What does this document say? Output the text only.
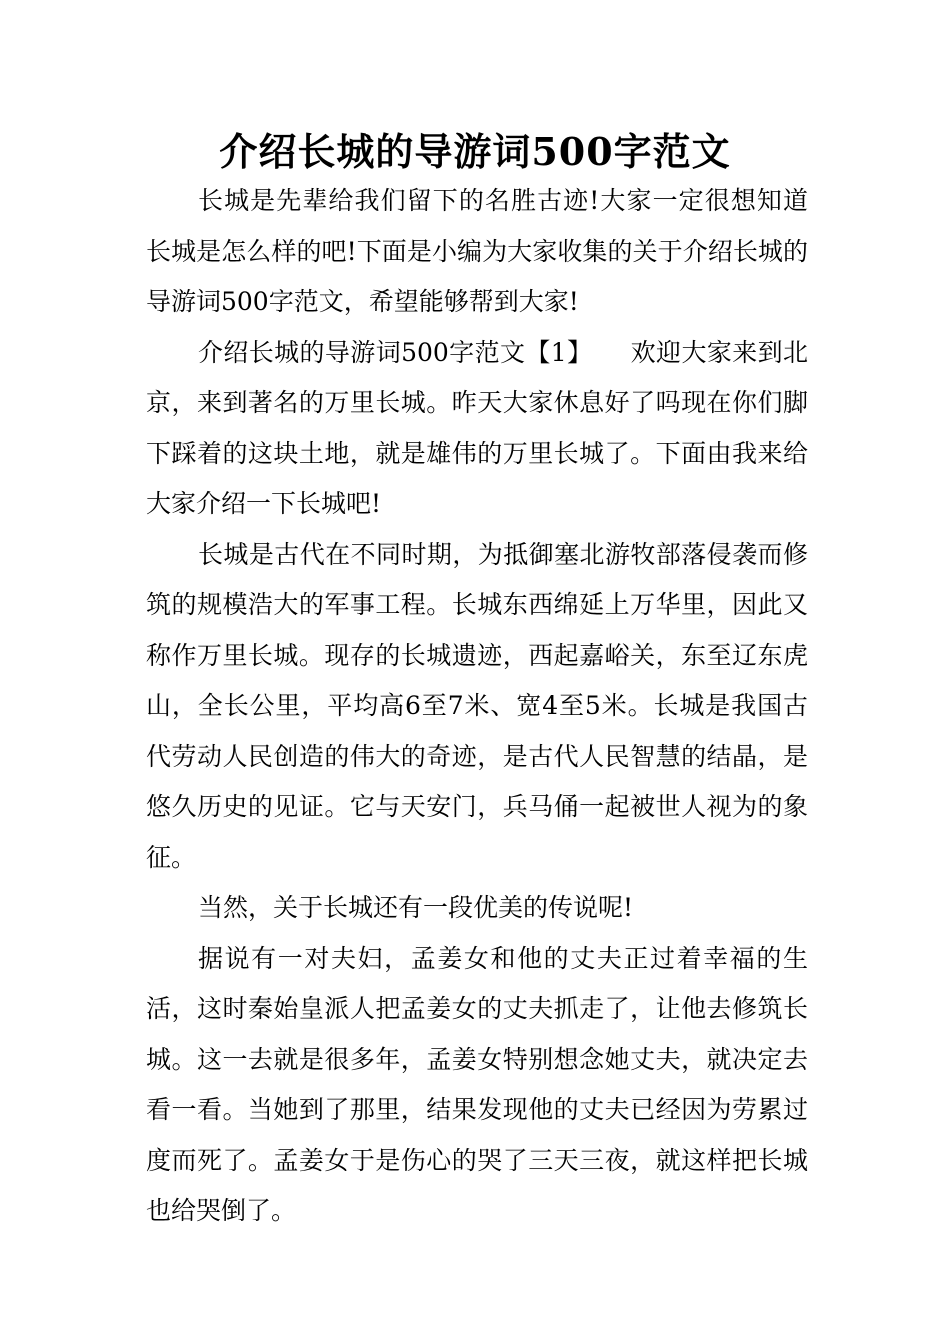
介绍长城的导游词500字范文

长城是先辈给我们留下的名胜古迹!大家一定很想知道长城是怎么样的吧!下面是小编为大家收集的关于介绍长城的导游词500字范文，希望能够帮到大家!

介绍长城的导游词500字范文【1】　　欢迎大家来到北京，来到著名的万里长城。昨天大家休息好了吗现在你们脚下踩着的这块土地，就是雄伟的万里长城了。下面由我来给大家介绍一下长城吧!

长城是古代在不同时期，为抵御塞北游牧部落侵袭而修筑的规模浩大的军事工程。长城东西绵延上万华里，因此又称作万里长城。现存的长城遗迹，西起嘉峪关，东至辽东虎山，全长公里，平均高6至7米、宽4至5米。长城是我国古代劳动人民创造的伟大的奇迹，是古代人民智慧的结晶，是悠久历史的见证。它与天安门，兵马俑一起被世人视为的象征。

当然，关于长城还有一段优美的传说呢!

据说有一对夫妇，孟姜女和他的丈夫正过着幸福的生活，这时秦始皇派人把孟姜女的丈夫抓走了，让他去修筑长城。这一去就是很多年，孟姜女特别想念她丈夫，就决定去看一看。当她到了那里，结果发现他的丈夫已经因为劳累过度而死了。孟姜女于是伤心的哭了三天三夜，就这样把长城也给哭倒了。
